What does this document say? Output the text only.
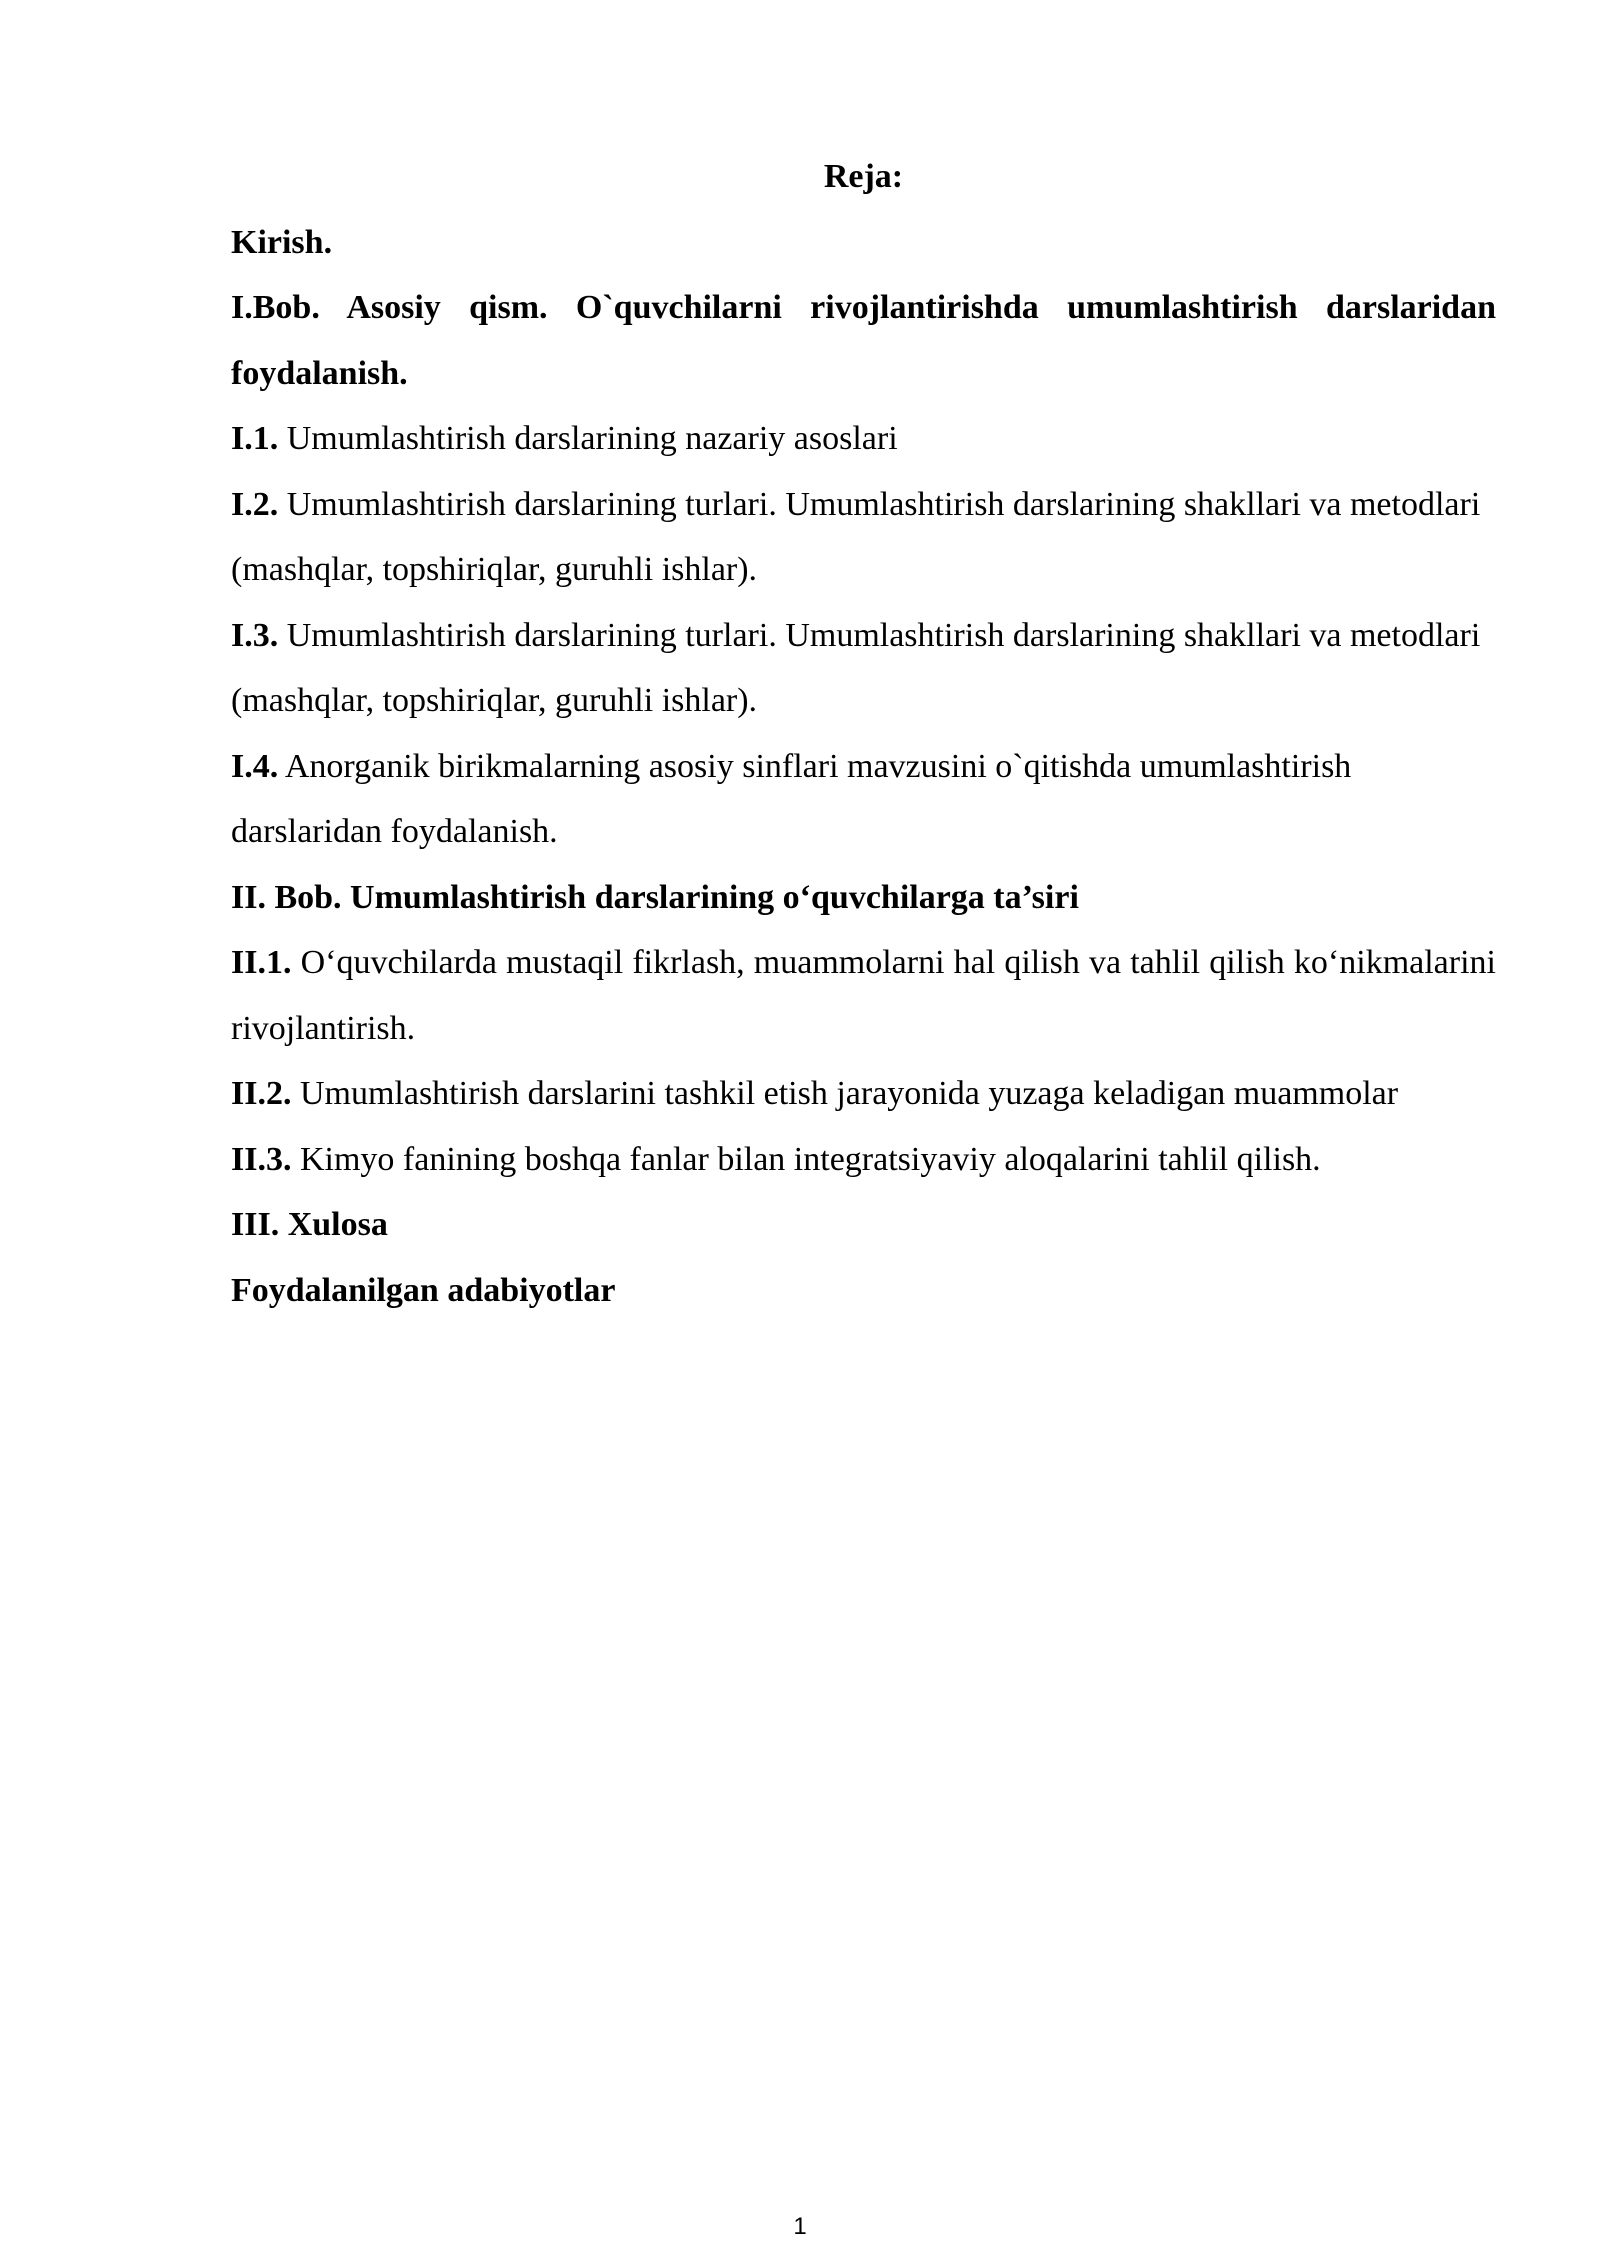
Reja:

Kirish.

I.Bob. Asosiy qism. O`quvchilarni rivojlantirishda umumlashtirish darslaridan foydalanish.

I.1. Umumlashtirish darslarining nazariy asoslari

I.2. Umumlashtirish darslarining turlari. Umumlashtirish darslarining shakllari va metodlari (mashqlar, topshiriqlar, guruhli ishlar).

I.3. Umumlashtirish darslarining turlari. Umumlashtirish darslarining shakllari va metodlari (mashqlar, topshiriqlar, guruhli ishlar).

I.4. Anorganik birikmalarning asosiy sinflari mavzusini o`qitishda umumlashtirish darslaridan foydalanish.

II. Bob. Umumlashtirish darslarining o‘quvchilarga ta’siri

II.1. O‘quvchilarda mustaqil fikrlash, muammolarni hal qilish va tahlil qilish ko‘nikmalarini rivojlantirish.

II.2. Umumlashtirish darslarini tashkil etish jarayonida yuzaga keladigan muammolar

II.3. Kimyo fanining boshqa fanlar bilan integratsiyaviy aloqalarini tahlil qilish.

III. Xulosa

Foydalanilgan adabiyotlar

1
